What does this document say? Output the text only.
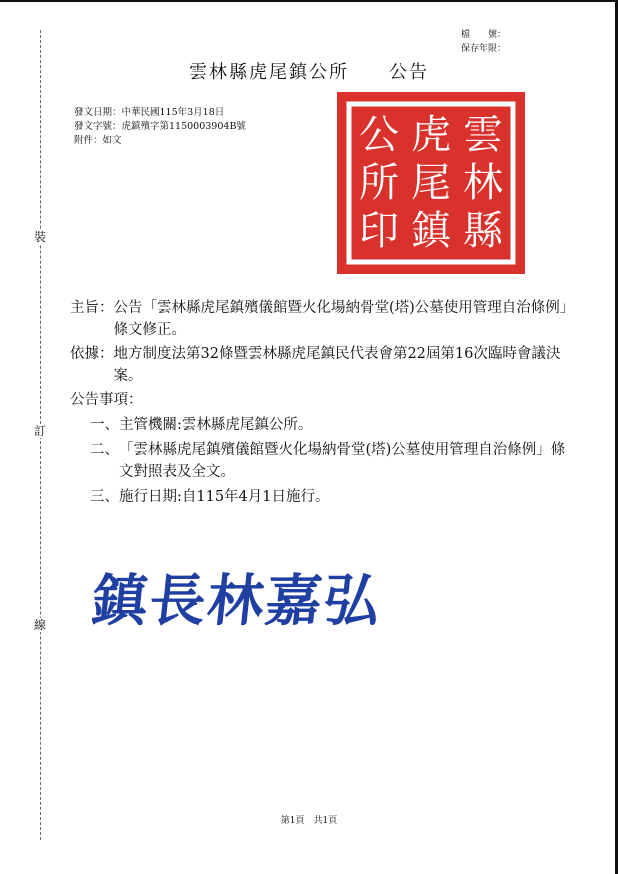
裝
訂
線
檔　　號：
保存年限：
雲林縣虎尾鎮公所　　公告
發文日期：中華民國115年3月18日
發文字號：虎鎮殯字第1150003904B號
附件：如文	雲
林
縣
虎
尾
鎮
公
所
印
主旨： 公告「雲林縣虎尾鎮殯儀館暨火化場納骨堂(塔)公墓使用管理自治條例」條文修正。
依據： 地方制度法第32條暨雲林縣虎尾鎮民代表會第22屆第16次臨時會議決案。
公告事項：
一、 主管機關:雲林縣虎尾鎮公所。
二、 「雲林縣虎尾鎮殯儀館暨火化場納骨堂(塔)公墓使用管理自治條例」條文對照表及全文。
三、 施行日期:自115年4月1日施行。
鎮長林嘉弘
第1頁　共1頁
